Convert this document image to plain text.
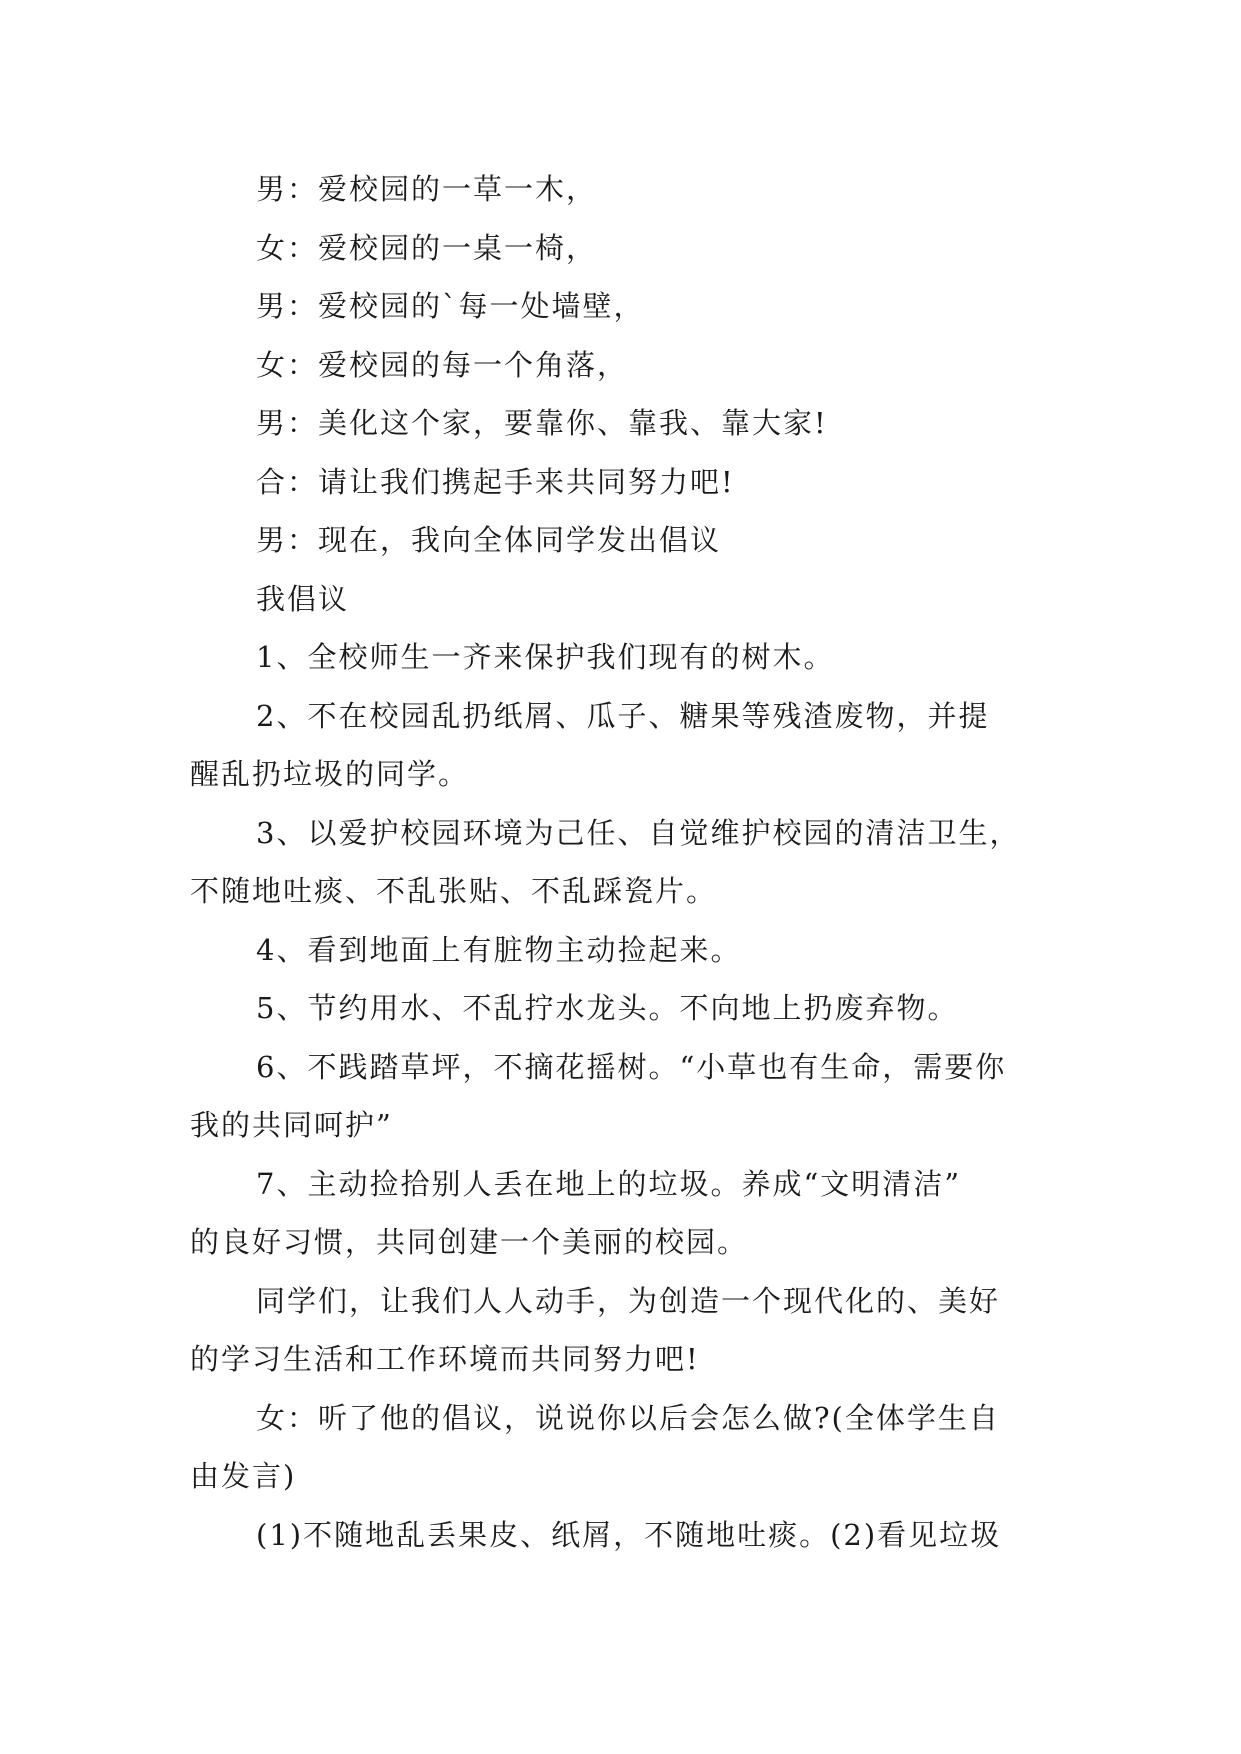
男：爱校园的一草一木，
女：爱校园的一桌一椅，
男：爱校园的`每一处墙壁，
女：爱校园的每一个角落，
男：美化这个家，要靠你、靠我、靠大家!
合：请让我们携起手来共同努力吧!
男：现在，我向全体同学发出倡议
我倡议
1、全校师生一齐来保护我们现有的树木。
2、不在校园乱扔纸屑、瓜子、糖果等残渣废物，并提
醒乱扔垃圾的同学。
3、以爱护校园环境为己任、自觉维护校园的清洁卫生，
不随地吐痰、不乱张贴、不乱踩瓷片。
4、看到地面上有脏物主动捡起来。
5、节约用水、不乱拧水龙头。不向地上扔废弃物。
6、不践踏草坪，不摘花摇树。“小草也有生命，需要你
我的共同呵护”
7、主动捡拾别人丢在地上的垃圾。养成“文明清洁”
的良好习惯，共同创建一个美丽的校园。
同学们，让我们人人动手，为创造一个现代化的、美好
的学习生活和工作环境而共同努力吧!
女：听了他的倡议，说说你以后会怎么做?(全体学生自
由发言)
(1)不随地乱丢果皮、纸屑，不随地吐痰。(2)看见垃圾
